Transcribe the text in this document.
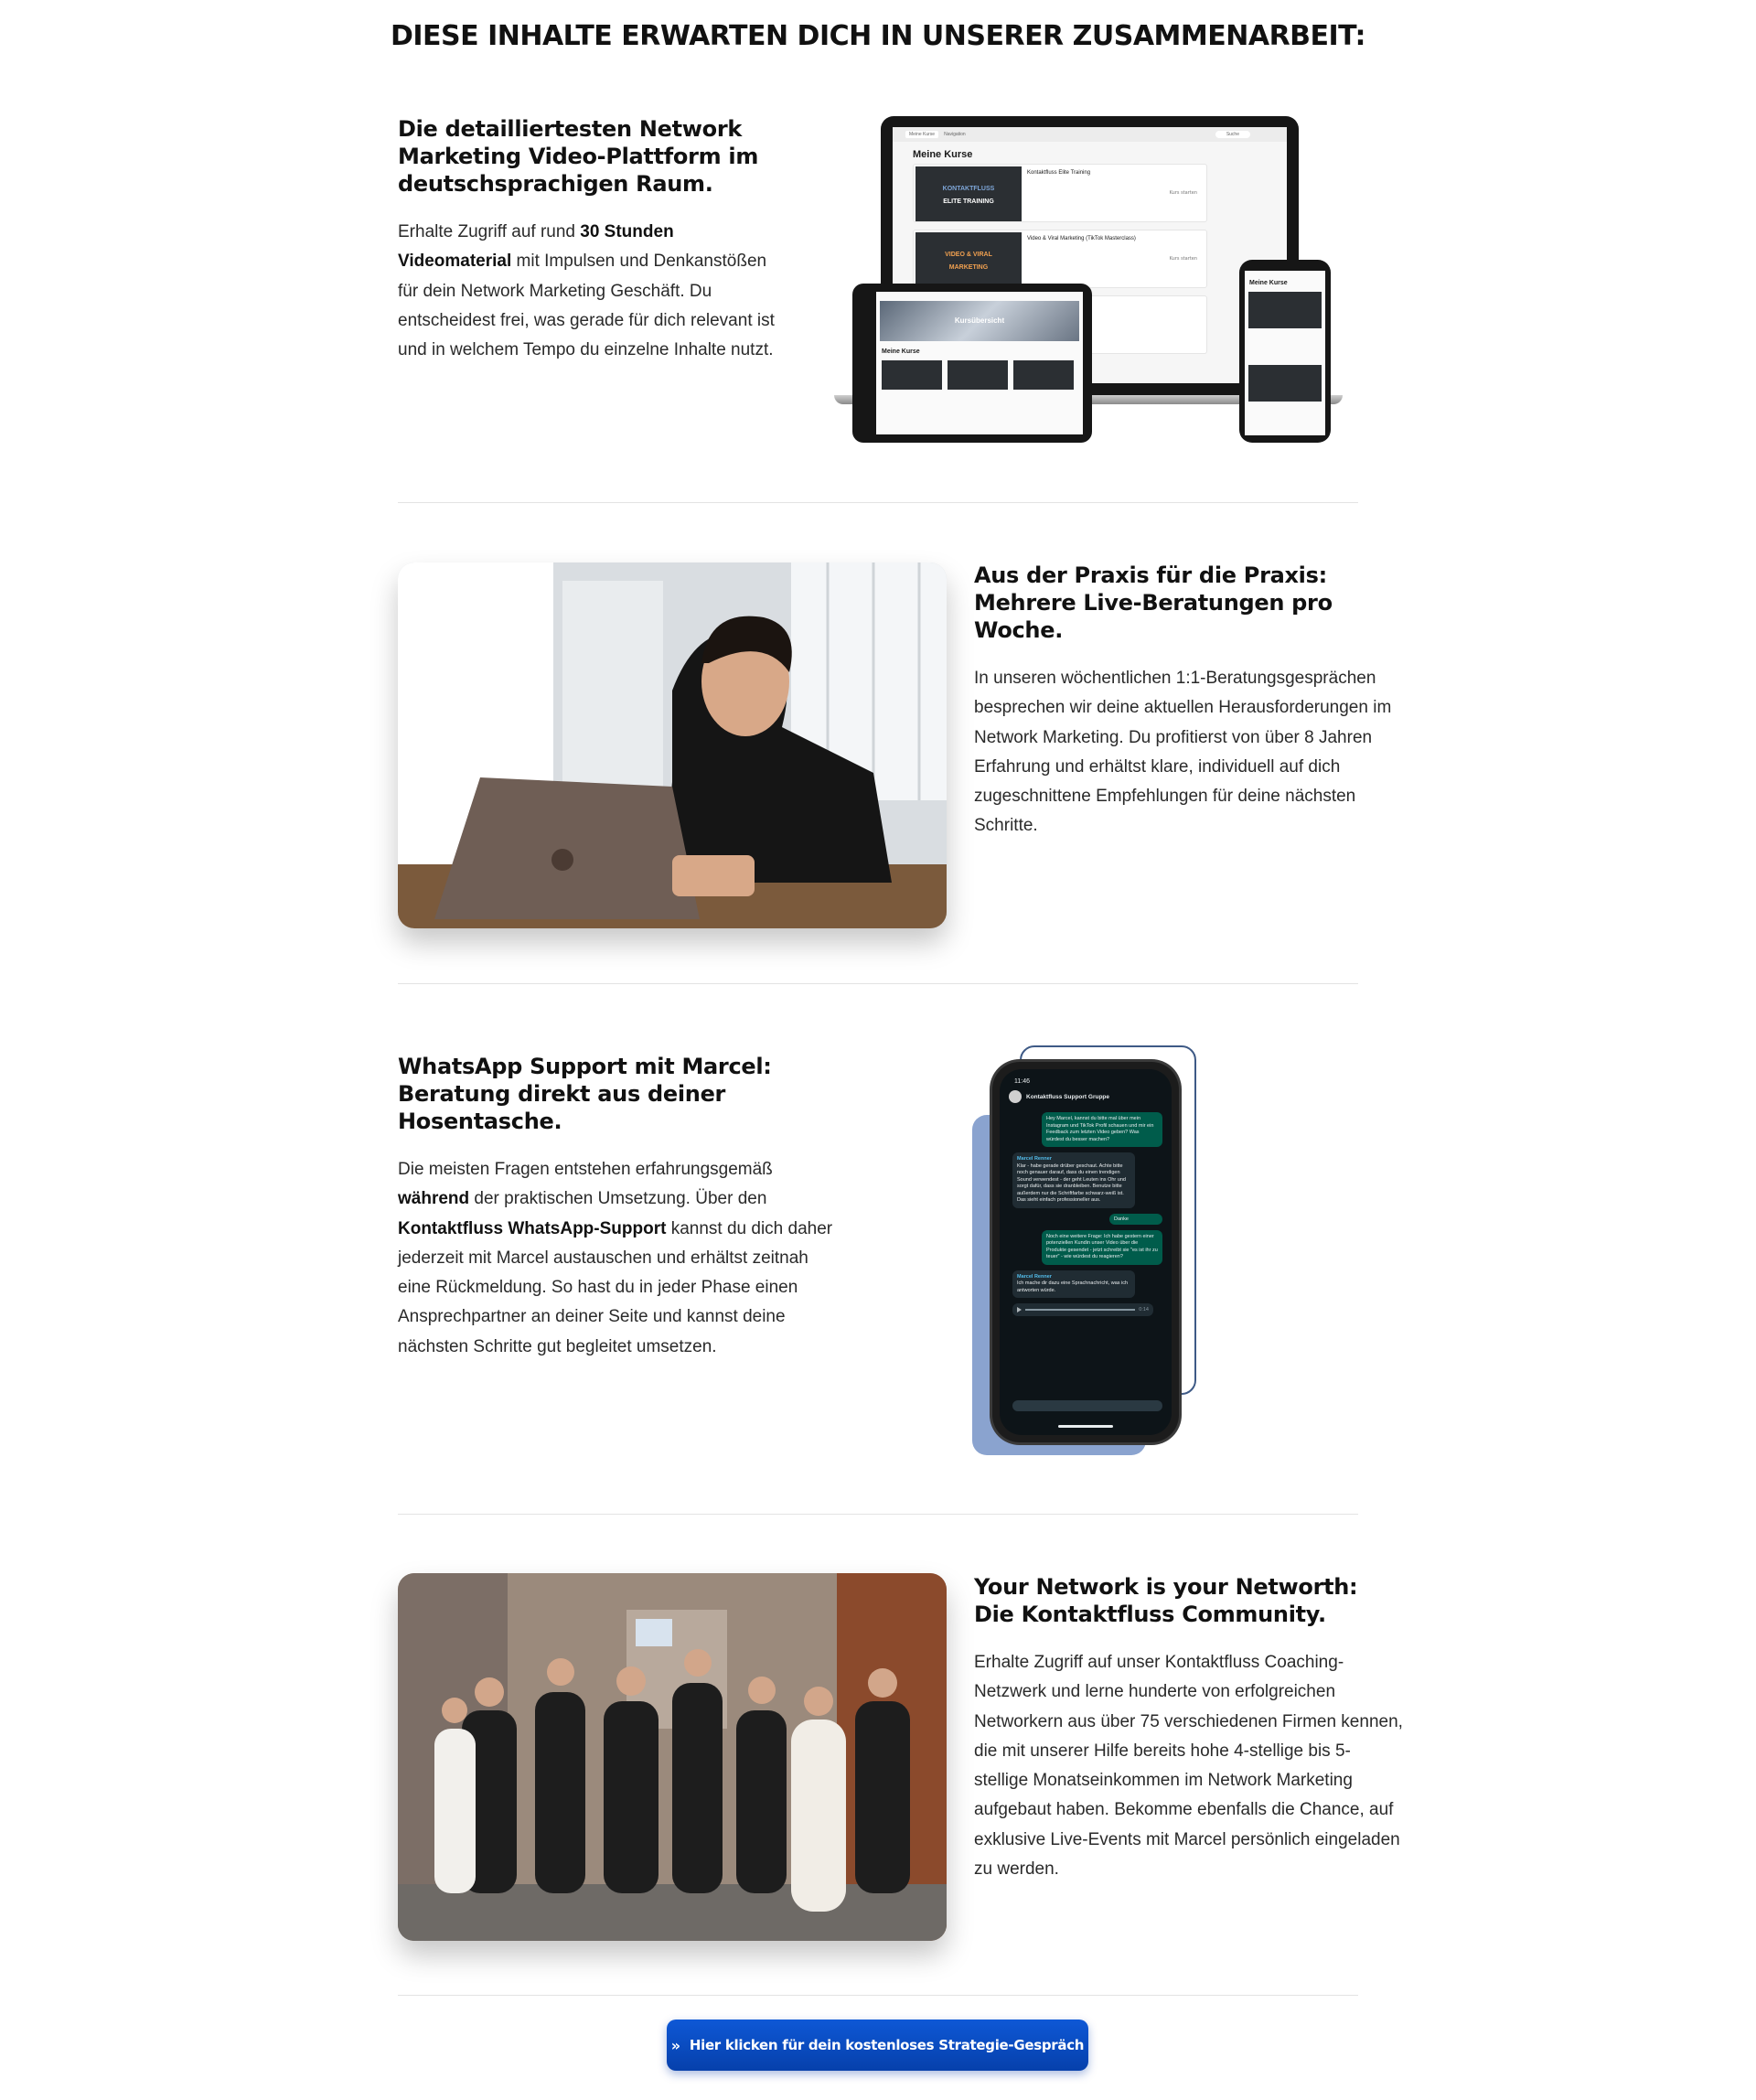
DIESE INHALTE ERWARTEN DICH IN UNSERER ZUSAMMENARBEIT:
Die detailliertesten Network
Marketing Video-Plattform im
deutschsprachigen Raum.

Erhalte Zugriff auf rund 30 Stunden Videomaterial mit Impulsen und Denkanstößen für dein Network Marketing Geschäft. Du entscheidest frei, was gerade für dich relevant ist und in welchem Tempo du einzelne Inhalte nutzt.

Meine Kurse	Navigation	Suche
Meine Kurse
KONTAKTFLUSS
ELITE TRAINING
Kontaktfluss Elite Training
Kurs starten
VIDEO & VIRAL
MARKETING
Video & Viral Marketing (TikTok Masterclass)
Kurs starten
Kursübersicht
Meine Kurse
Meine Kurse
Aus der Praxis für die Praxis:
Mehrere Live-Beratungen pro
Woche.

In unseren wöchentlichen 1:1-Beratungsgesprächen besprechen wir deine aktuellen Herausforderungen im Network Marketing. Du profitierst von über 8 Jahren Erfahrung und erhältst klare, individuell auf dich zugeschnittene Empfehlungen für deine nächsten Schritte.

WhatsApp Support mit Marcel:
Beratung direkt aus deiner Hosentasche.

Die meisten Fragen entstehen erfahrungsgemäß während der praktischen Umsetzung. Über den Kontaktfluss WhatsApp-Support kannst du dich daher jederzeit mit Marcel austauschen und erhältst zeitnah eine Rückmeldung. So hast du in jeder Phase einen Ansprechpartner an deiner Seite und kannst deine nächsten Schritte gut begleitet umsetzen.

11:46
Kontaktfluss Support Gruppe
Hey Marcel, kannst du bitte mal über mein Instagram und TikTok Profil schauen und mir ein Feedback zum letzten Video geben? Was würdest du besser machen?
Marcel Renner
Klar - habe gerade drüber geschaut. Achte bitte noch genauer darauf, dass du einen trendigen Sound verwendest - der geht Leuten ins Ohr und sorgt dafür, dass sie dranbleiben. Benutze bitte außerdem nur die Schriftfarbe schwarz-weiß ist. Das sieht einfach professioneller aus.
Danke
Noch eine weitere Frage: Ich habe gestern einer potenziellen Kundin unser Video über die Produkte gesendet - jetzt schreibt sie "es ist ihr zu teuer" - wie würdest du reagieren?
Marcel Renner
Ich mache dir dazu eine Sprachnachricht, was ich antworten würde.
0:14
Your Network is your Networth:
Die Kontaktfluss Community.

Erhalte Zugriff auf unser Kontaktfluss Coaching-Netzwerk und lerne hunderte von erfolgreichen Networkern aus über 75 verschiedenen Firmen kennen, die mit unserer Hilfe bereits hohe 4-stellige bis 5-stellige Monatseinkommen im Network Marketing aufgebaut haben. Bekomme ebenfalls die Chance, auf exklusive Live-Events mit Marcel persönlich eingeladen zu werden.

» Hier klicken für dein kostenloses Strategie-Gespräch
